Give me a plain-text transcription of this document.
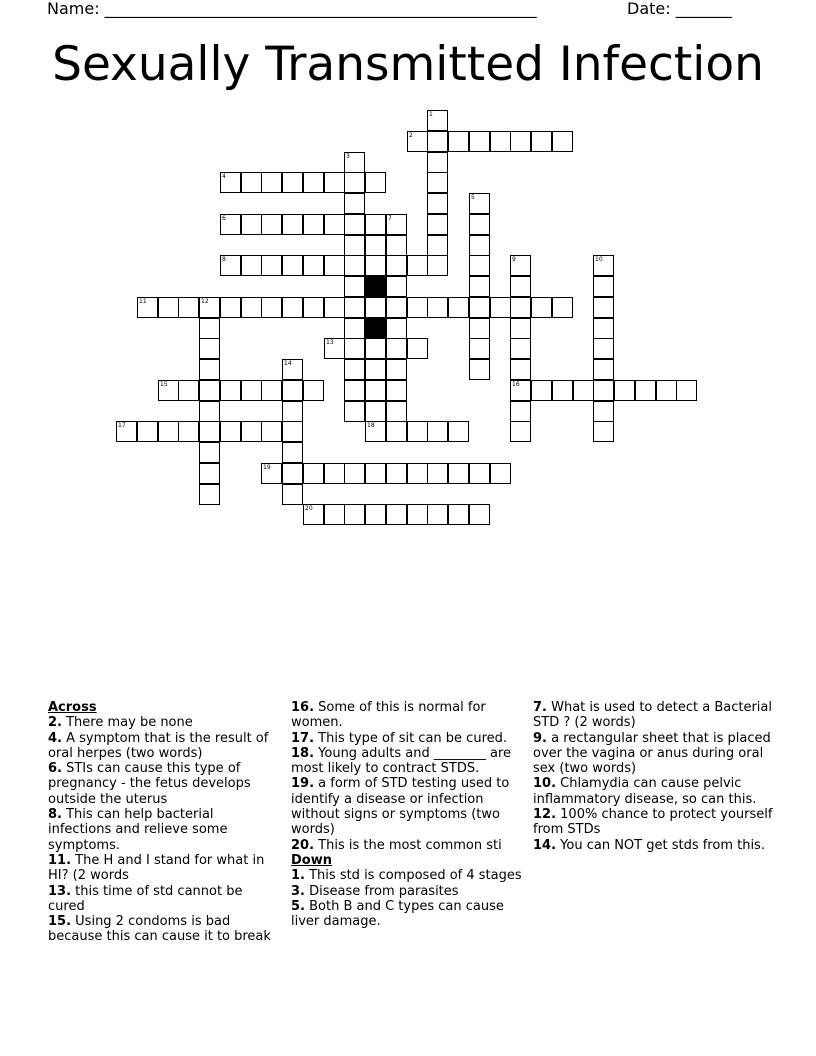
Name: ______________________________________________________	Date: _______
Sexually Transmitted Infection
2
4
6	7
8
11	12
13
15	16
17	18
19
20
1
3
5
9	10
14
Across
2. There may be none
4. A symptom that is the result of oral herpes (two words)
6. STIs can cause this type of pregnancy - the fetus develops outside the uterus
8. This can help bacterial infections and relieve some symptoms.
11. The H and I stand for what in HI? (2 words
13. this time of std cannot be cured
15. Using 2 condoms is bad because this can cause it to break
16. Some of this is normal for women.
17. This type of sit can be cured.
18. Young adults and ________ are most likely to contract STDS.
19. a form of STD testing used to identify a disease or infection without signs or symptoms (two words)
20. This is the most common sti
Down
1. This std is composed of 4 stages
3. Disease from parasites
5. Both B and C types can cause liver damage.
7. What is used to detect a Bacterial STD ? (2 words)
9. a rectangular sheet that is placed over the vagina or anus during oral sex (two words)
10. Chlamydia can cause pelvic inflammatory disease, so can this.
12. 100% chance to protect yourself from STDs
14. You can NOT get stds from this.
